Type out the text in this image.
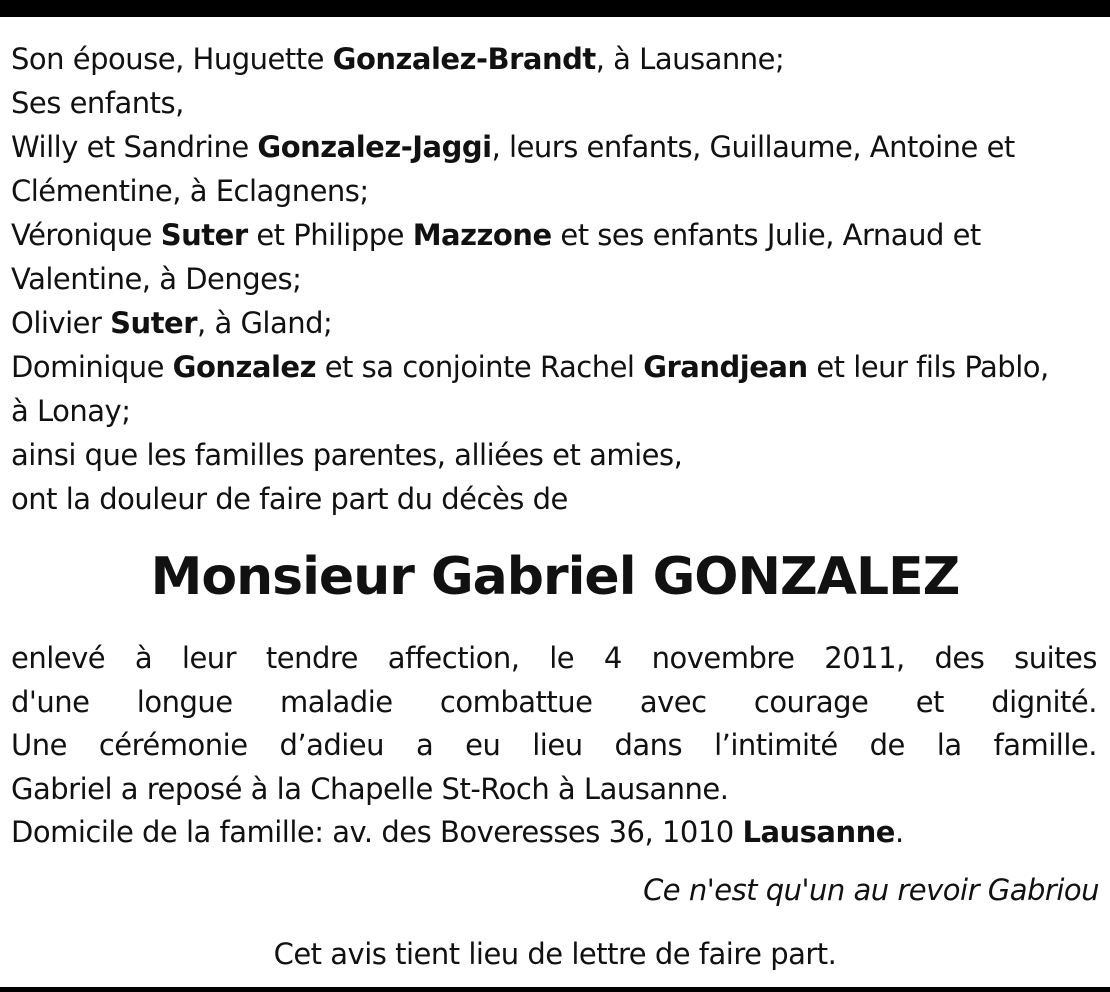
Son épouse, Huguette Gonzalez-Brandt, à Lausanne;
Ses enfants,
Willy et Sandrine Gonzalez-Jaggi, leurs enfants, Guillaume, Antoine et
Clémentine, à Eclagnens;
Véronique Suter et Philippe Mazzone et ses enfants Julie, Arnaud et
Valentine, à Denges;
Olivier Suter, à Gland;
Dominique Gonzalez et sa conjointe Rachel Grandjean et leur fils Pablo,
à Lonay;
ainsi que les familles parentes, alliées et amies,
ont la douleur de faire part du décès de
Monsieur Gabriel GONZALEZ
enlevé à leur tendre affection, le 4 novembre 2011, des suites
d'une longue maladie combattue avec courage et dignité.
Une cérémonie d’adieu a eu lieu dans l’intimité de la famille.
Gabriel a reposé à la Chapelle St-Roch à Lausanne.
Domicile de la famille: av. des Boveresses 36, 1010 Lausanne.
Ce n'est qu'un au revoir Gabriou
Cet avis tient lieu de lettre de faire part.
